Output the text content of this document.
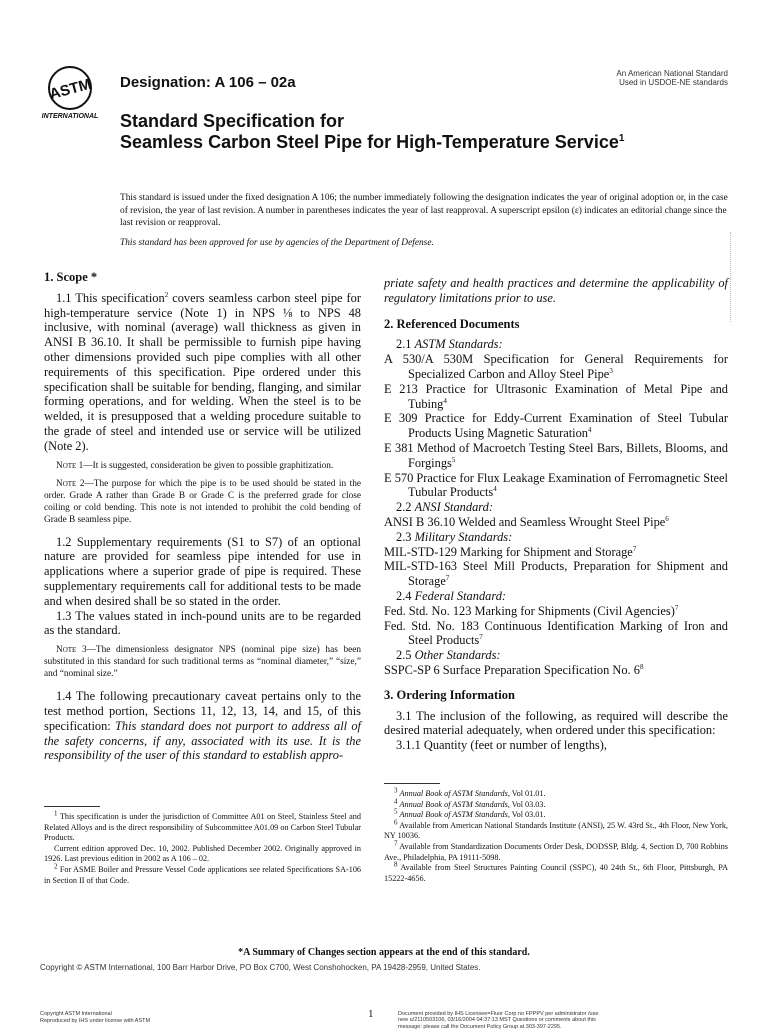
ASTM
INTERNATIONAL
Designation: A 106 – 02a
An American National Standard
Used in USDOE-NE standards
Standard Specification for
Seamless Carbon Steel Pipe for High-Temperature Service$^1$

This standard is issued under the fixed designation A 106; the number immediately following the designation indicates the year of original adoption or, in the case of revision, the year of last revision. A number in parentheses indicates the year of last reapproval. A superscript epsilon (ε) indicates an editorial change since the last revision or reapproval.

This standard has been approved for use by agencies of the Department of Defense.

1. Scope *

1.1 This specification$^2$ covers seamless carbon steel pipe for high-temperature service (Note 1) in NPS ⅛ to NPS 48 inclusive, with nominal (average) wall thickness as given in ANSI B 36.10. It shall be permissible to furnish pipe having other dimensions provided such pipe complies with all other requirements of this specification. Pipe ordered under this specification shall be suitable for bending, flanging, and similar forming operations, and for welding. When the steel is to be welded, it is presupposed that a welding procedure suitable to the grade of steel and intended use or service will be utilized (Note 2).

Note 1—It is suggested, consideration be given to possible graphitization.

Note 2—The purpose for which the pipe is to be used should be stated in the order. Grade A rather than Grade B or Grade C is the preferred grade for close coiling or cold bending. This note is not intended to prohibit the cold bending of Grade B seamless pipe.

1.2 Supplementary requirements (S1 to S7) of an optional nature are provided for seamless pipe intended for use in applications where a superior grade of pipe is required. These supplementary requirements call for additional tests to be made and when desired shall be so stated in the order.

1.3 The values stated in inch-pound units are to be regarded as the standard.

Note 3—The dimensionless designator NPS (nominal pipe size) has been substituted in this standard for such traditional terms as “nominal diameter,” “size,” and “nominal size.”

1.4 The following precautionary caveat pertains only to the test method portion, Sections 11, 12, 13, 14, and 15, of this specification: This standard does not purport to address all of the safety concerns, if any, associated with its use. It is the responsibility of the user of this standard to establish appro-

priate safety and health practices and determine the applicability of regulatory limitations prior to use.

2. Referenced Documents

2.1 ASTM Standards:

A 530/A 530M Specification for General Requirements for Specialized Carbon and Alloy Steel Pipe$^3$

E 213 Practice for Ultrasonic Examination of Metal Pipe and Tubing$^4$

E 309 Practice for Eddy-Current Examination of Steel Tubular Products Using Magnetic Saturation$^4$

E 381 Method of Macroetch Testing Steel Bars, Billets, Blooms, and Forgings$^5$

E 570 Practice for Flux Leakage Examination of Ferromagnetic Steel Tubular Products$^4$

2.2 ANSI Standard:

ANSI B 36.10 Welded and Seamless Wrought Steel Pipe$^6$

2.3 Military Standards:

MIL-STD-129 Marking for Shipment and Storage$^7$

MIL-STD-163 Steel Mill Products, Preparation for Shipment and Storage$^7$

2.4 Federal Standard:

Fed. Std. No. 123 Marking for Shipments (Civil Agencies)$^7$

Fed. Std. No. 183 Continuous Identification Marking of Iron and Steel Products$^7$

2.5 Other Standards:

SSPC-SP 6 Surface Preparation Specification No. $6^8$

3. Ordering Information

3.1 The inclusion of the following, as required will describe the desired material adequately, when ordered under this specification:

3.1.1 Quantity (feet or number of lengths),

$^1$ This specification is under the jurisdiction of Committee A01 on Steel, Stainless Steel and Related Alloys and is the direct responsibility of Subcommittee A01.09 on Carbon Steel Tubular Products.

Current edition approved Dec. 10, 2002. Published December 2002. Originally approved in 1926. Last previous edition in 2002 as A 106 – 02.

$^2$ For ASME Boiler and Pressure Vessel Code applications see related Specifications SA-106 in Section II of that Code.

$^3$ Annual Book of ASTM Standards, Vol 01.01.

$^4$ Annual Book of ASTM Standards, Vol 03.03.

$^5$ Annual Book of ASTM Standards, Vol 03.01.

$^6$ Available from American National Standards Institute (ANSI), 25 W. 43rd St., 4th Floor, New York, NY 10036.

$^7$ Available from Standardization Documents Order Desk, DODSSP, Bldg. 4, Section D, 700 Robbins Ave., Philadelphia, PA 19111-5098.

$^8$ Available from Steel Structures Painting Council (SSPC), 40 24th St., 6th Floor, Pittsburgh, PA 15222-4656.

*A Summary of Changes section appears at the end of this standard.
Copyright © ASTM International, 100 Barr Harbor Drive, PO Box C700, West Conshohocken, PA 19428-2959, United States.
Copyright ASTM International
Reproduced by IHS under license with ASTM
1	Document provided by IHS Licensee=Fluor Corp no FPPPV per administrator /use
new u/2110503106, 03/16/2004 04:37:13 MST Questions or comments about this
message: please call the Document Policy Group at 303-397-2295.
